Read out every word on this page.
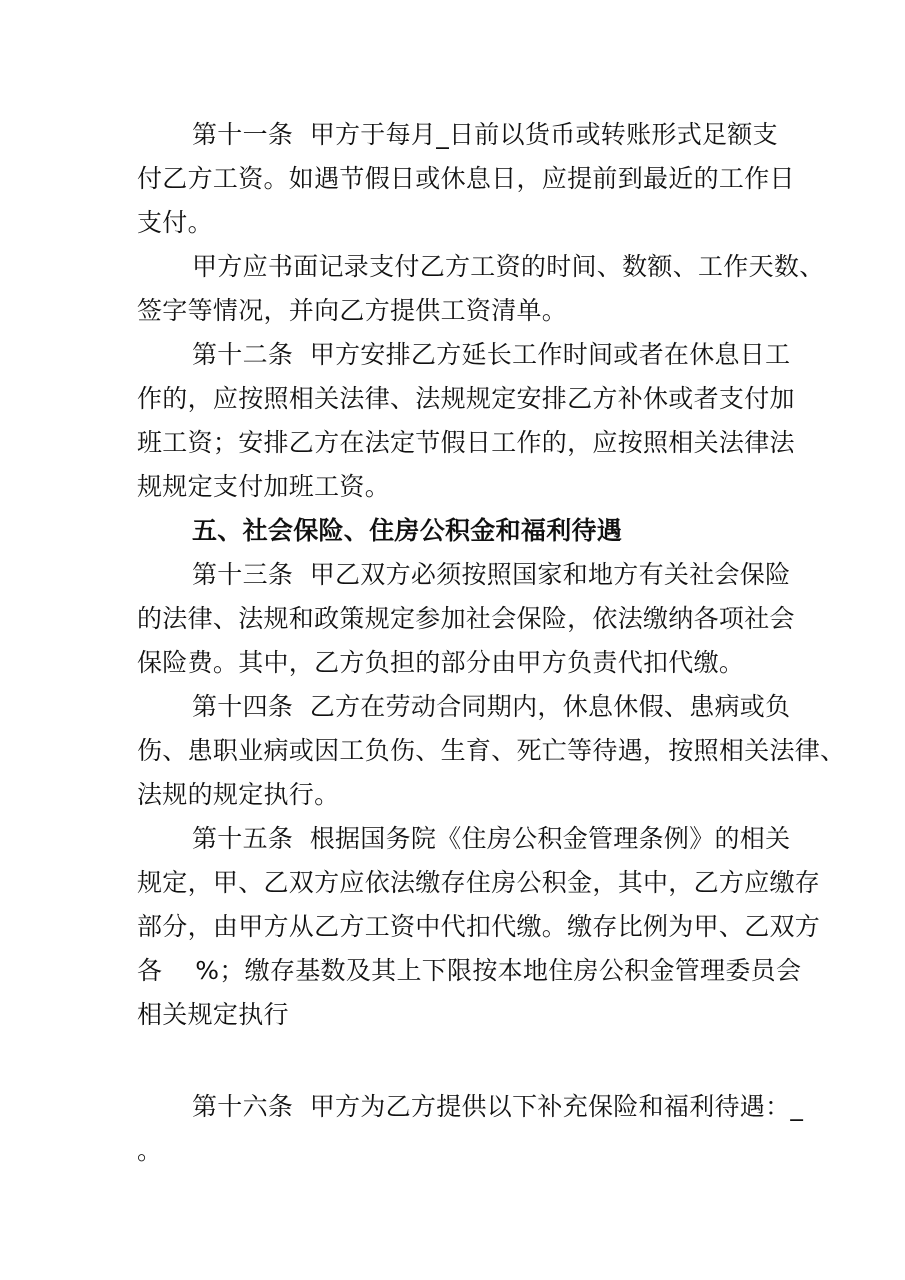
第十一条  甲方于每月_日前以货币或转账形式足额支
付乙方工资。如遇节假日或休息日，应提前到最近的工作日
支付。
甲方应书面记录支付乙方工资的时间、数额、工作天数、
签字等情况，并向乙方提供工资清单。
第十二条  甲方安排乙方延长工作时间或者在休息日工
作的，应按照相关法律、法规规定安排乙方补休或者支付加
班工资；安排乙方在法定节假日工作的，应按照相关法律法
规规定支付加班工资。
五、社会保险、住房公积金和福利待遇
第十三条  甲乙双方必须按照国家和地方有关社会保险
的法律、法规和政策规定参加社会保险，依法缴纳各项社会
保险费。其中，乙方负担的部分由甲方负责代扣代缴。
第十四条  乙方在劳动合同期内，休息休假、患病或负
伤、患职业病或因工负伤、生育、死亡等待遇，按照相关法律、
法规的规定执行。
第十五条  根据国务院《住房公积金管理条例》的相关
规定，甲、乙双方应依法缴存住房公积金，其中，乙方应缴存
部分，由甲方从乙方工资中代扣代缴。缴存比例为甲、乙双方
各    %；缴存基数及其上下限按本地住房公积金管理委员会
相关规定执行
第十六条  甲方为乙方提供以下补充保险和福利待遇：_
。
